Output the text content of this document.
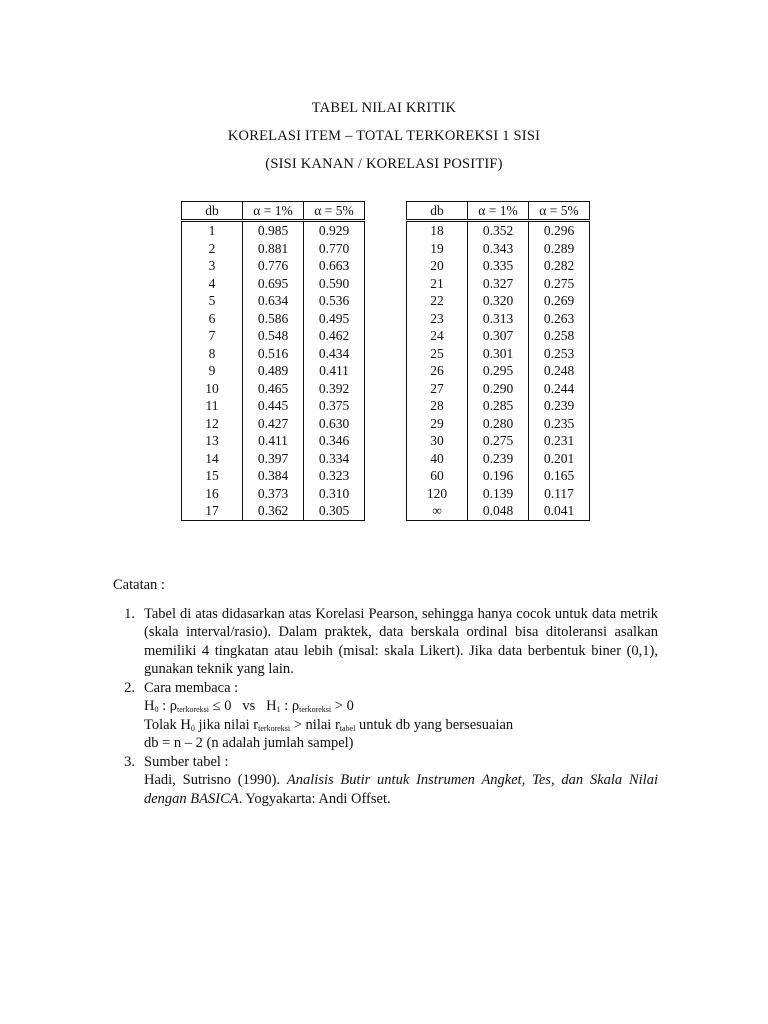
TABEL NILAI KRITIK
KORELASI ITEM – TOTAL TERKOREKSI 1 SISI
(SISI KANAN / KORELASI POSITIF)
db	α = 1%	α = 5%
1	0.985	0.929
2	0.881	0.770
3	0.776	0.663
4	0.695	0.590
5	0.634	0.536
6	0.586	0.495
7	0.548	0.462
8	0.516	0.434
9	0.489	0.411
10	0.465	0.392
11	0.445	0.375
12	0.427	0.630
13	0.411	0.346
14	0.397	0.334
15	0.384	0.323
16	0.373	0.310
17	0.362	0.305
db	α = 1%	α = 5%
18	0.352	0.296
19	0.343	0.289
20	0.335	0.282
21	0.327	0.275
22	0.320	0.269
23	0.313	0.263
24	0.307	0.258
25	0.301	0.253
26	0.295	0.248
27	0.290	0.244
28	0.285	0.239
29	0.280	0.235
30	0.275	0.231
40	0.239	0.201
60	0.196	0.165
120	0.139	0.117
∞	0.048	0.041
Catatan :
1. Tabel di atas didasarkan atas Korelasi Pearson, sehingga hanya cocok untuk data metrik (skala interval/rasio). Dalam praktek, data berskala ordinal bisa ditoleransi asalkan memiliki 4 tingkatan atau lebih (misal: skala Likert). Jika data berbentuk biner (0,1), gunakan teknik yang lain.
2. Cara membaca :
$H_0$ : $\rho_{terkoreksi} \le 0$ vs $H_1$ : $\rho_{terkoreksi} > 0$
Tolak $H_0$ jika nilai $r_{terkoreksi}$ > nilai $r_{tabel}$ untuk db yang bersesuaian
db = n – 2 (n adalah jumlah sampel)
3. Sumber tabel :
Hadi, Sutrisno (1990). Analisis Butir untuk Instrumen Angket, Tes, dan Skala Nilai dengan BASICA. Yogyakarta: Andi Offset.
